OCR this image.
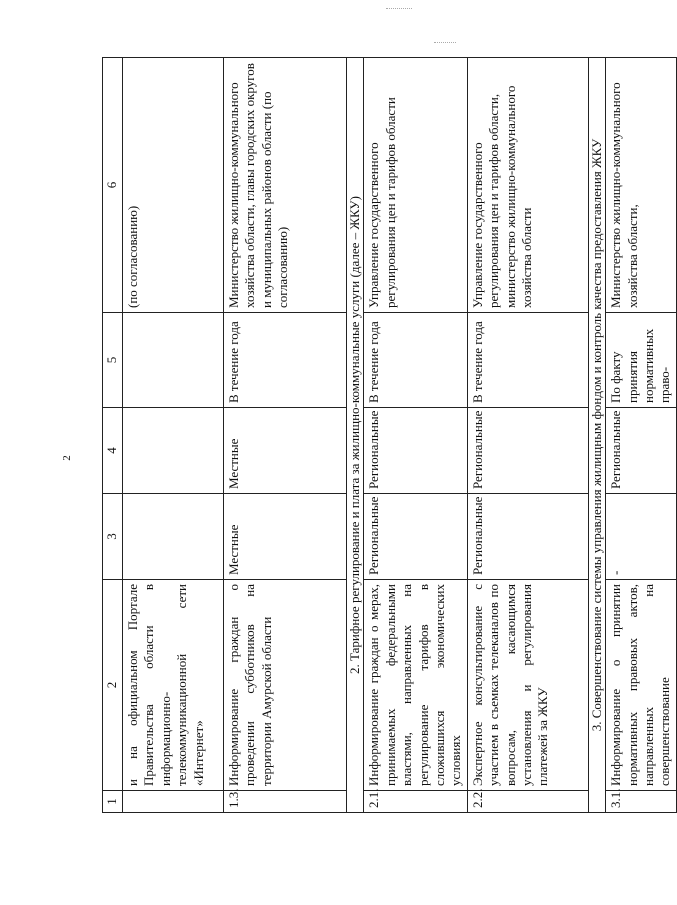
2
1	2	3	4	5	6
	и на официальном Портале Правительства области в информационно-телекоммуникационной сети «Интернет»				(по согласованию)
1.3.	Информирование граждан о проведении субботников на территории Амурской области	Местные	Местные	В течение года	Министерство жилищно-коммунального хозяйства области, главы городских округов и муниципальных районов области (по согласованию)
2. Тарифное регулирование и плата за жилищно-коммунальные услуги (далее – ЖКУ)					
2.1.	Информирование граждан о мерах, принимаемых федеральными властями, направленных на регулирование тарифов в сложившихся экономических условиях	Региональные	Региональные	В течение года	Управление государственного регулирования цен и тарифов области
2.2.	Экспертное консультирование с участием в съемках телеканалов по вопросам, касающимся установления и регулирования платежей за ЖКУ	Региональные	Региональные	В течение года	Управление государственного регулирования цен и тарифов области, министерство жилищно-коммунального хозяйства области
3. Совершенствование системы управления жилищным фондом и контроль качества предоставления ЖКУ					
3.1.	Информирование о принятии нормативных правовых актов, направленных на совершенствование	-	Региональные	По факту принятия нормативных право-	Министерство жилищно-коммунального хозяйства области,
